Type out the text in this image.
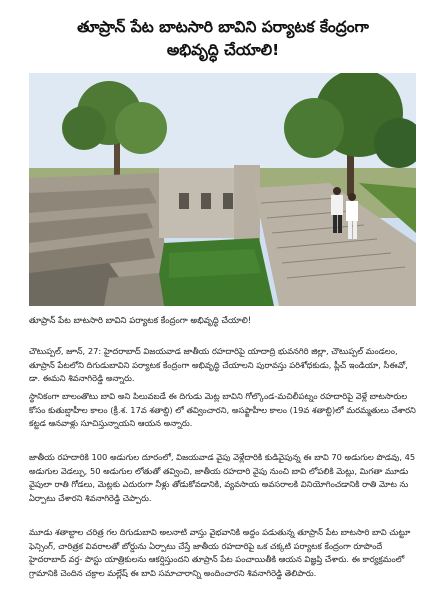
తూప్రాన్ పేట బాటసారి బావిని పర్యాటక కేంద్రంగా
అభివృద్ధి చేయాలి!
తూప్రాన్ పేట బాటసారి బావిని పర్యాటక కేంద్రంగా అభివృద్ధి చేయాలి!

చౌటుప్పల్, జూన్, 27: హైదరాబాద్ విజయవాడ జాతీయ రహదారిపై యాదాద్రి భువనగిరి జిల్లా, చౌటుప్పల్ మండలం, తూప్రాన్ పేటలోని దిగుడుబావిని పర్యాటక కేంద్రంగా అభివృద్ధి చేయాలని పురావస్తు పరిశోధకుడు, ప్లీచ్ ఇండియా, సీఈవో, డా. ఈమని శివనాగిరెడ్డి అన్నారు.

స్థానికంగా బాలంతొటు బావి అని పిలువబడే ఈ దిగుడు మెట్ల బావిని గోల్కొండ-మచిలీపట్నం రహదారిపై వెళ్లే బాటసారుల కోసం కుతుబ్షాహీల కాలం (క్రీ.శ. 17వ శతాబ్ది) లో తవ్వించారని, అసఫ్జాహీల కాలం (19వ శతాబ్ది)లో మరమ్మతులు చేశారని కట్టడ ఆనవాళ్లు సూచిస్తున్నాయని ఆయన అన్నారు.

జాతీయ రహదారికి 100 అడుగుల దూరంలో, విజయవాడ వైపు వెళ్లేదారికి కుడివైపున్న ఈ బావి 70 అడుగుల పొడవు, 45 అడుగుల వెడల్పు, 50 అడుగుల లోతుతో తవ్వించి, జాతీయ రహదారి వైపు నుంచి బావి లోపలికి మెట్లు, మిగతా మూడు వైపులా రాతి గోడలు, మెట్లకు ఎదురుగా నీళ్లు తోడుకోవడానికి, వ్యవసాయ అవసరాలకి వినియోగించడానికి రాతి మోట ను ఏర్పాటు చేశారని శివనాగిరెడ్డి చెప్పారు.

మూడు శతాబ్దాల చరిత్ర గల దిగుడుబావి అలనాటి వాస్తు వైభవానికి అద్దం పడుతున్న తూప్రాన్ పేట బాటసారి బావి చుట్టూ ఫెన్సింగ్, చారిత్రక వివరాలతో బోర్డును ఏర్పాటు చేస్తే జాతీయ రహదారిపై ఒక చక్కటి పర్యాటక కేంద్రంగా రూపొందే హైదరాబాద్ వర్త- పొస్టు యాత్రికులను ఆకర్షిస్తుందని తూప్రాన్ పేట పంచాయితీకి ఆయన విజ్ఞప్తి చేశారు. ఈ కార్యక్రమంలో గ్రామానికి చెందిన చక్రాల మల్లేష్ ఈ బావి సమాచారాన్ని అందించారని శివనాగిరెడ్డి తెలిపారు.
